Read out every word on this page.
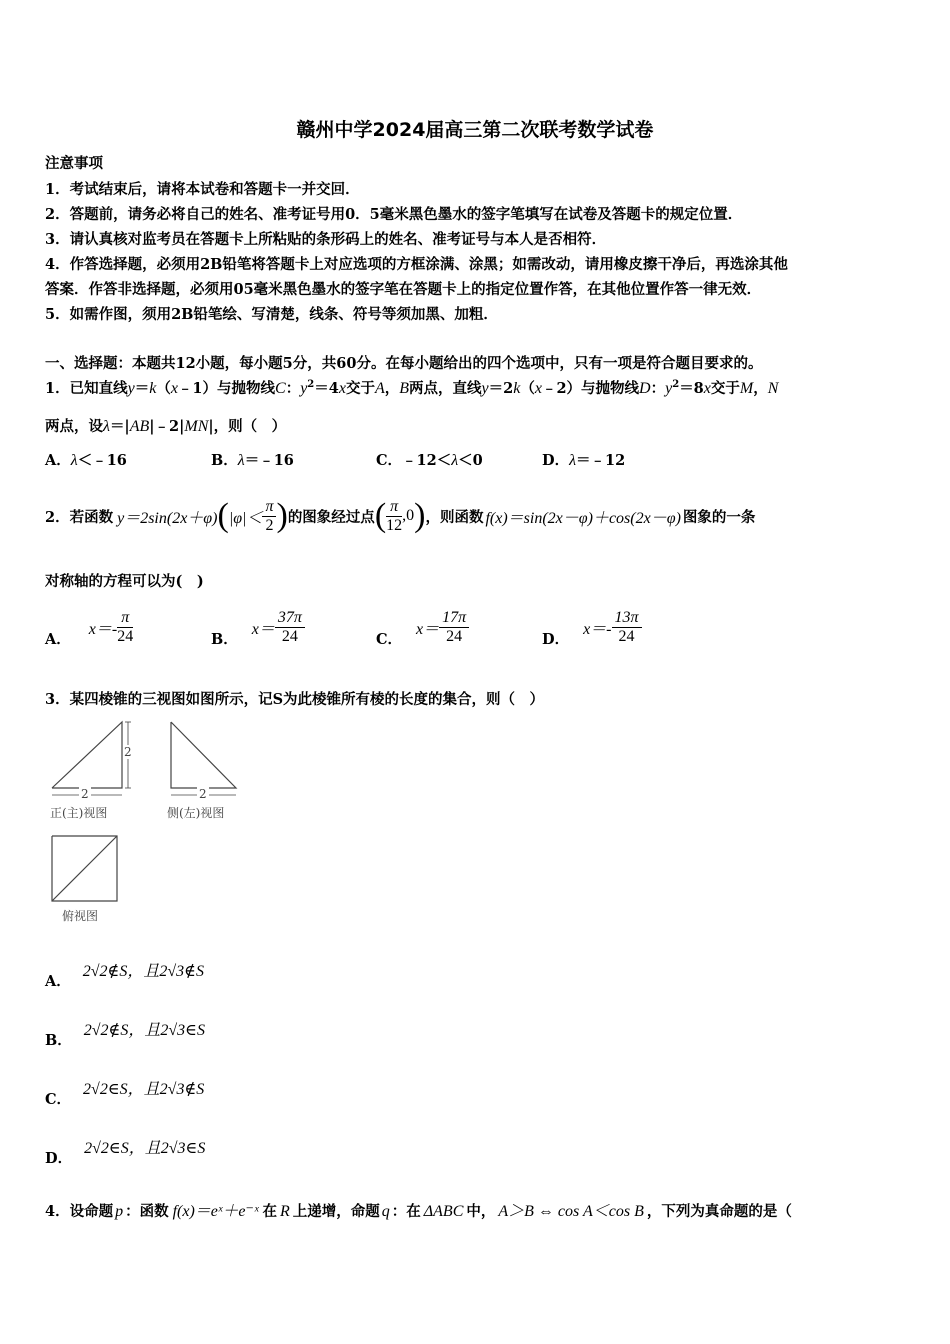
赣州中学2024届高三第二次联考数学试卷
注意事项
1．考试结束后，请将本试卷和答题卡一并交回．
2．答题前，请务必将自己的姓名、准考证号用0．5毫米黑色墨水的签字笔填写在试卷及答题卡的规定位置．
3．请认真核对监考员在答题卡上所粘贴的条形码上的姓名、准考证号与本人是否相符．
4．作答选择题，必须用2B铅笔将答题卡上对应选项的方框涂满、涂黑；如需改动，请用橡皮擦干净后，再选涂其他
答案．作答非选择题，必须用05毫米黑色墨水的签字笔在答题卡上的指定位置作答，在其他位置作答一律无效．
5．如需作图，须用2B铅笔绘、写清楚，线条、符号等须加黑、加粗．
一、选择题：本题共12小题，每小题5分，共60分。在每小题给出的四个选项中，只有一项是符合题目要求的。
1．已知直线y＝k（x﹣1）与抛物线C：$y^2=4x$交于A，B两点，直线y＝2k（x﹣2）与抛物线D：$y^2=8x$交于M，N
两点，设λ＝|AB|﹣2|MN|，则（　）
A．λ＜﹣16	B．λ＝﹣16	C．﹣12＜λ＜0	D．λ＝﹣12
2．若函数 y＝2sin(2x＋φ) ( $|\varphi|< \frac{\pi}{2}$ ) 的图象经过点 ( $\frac{\pi}{12} ,0$ ) ，则函数 f(x)＝sin(2x－φ)＋cos(2x－φ) 图象的一条
对称轴的方程可以为(　)
A．
$x=- \frac{\pi}{24}$	B．
$x= \frac{37\pi}{24}$	C．
$x= \frac{17\pi}{24}$	D．
$x=- \frac{13\pi}{24}$
3．某四棱锥的三视图如图所示，记S为此棱锥所有棱的长度的集合，则（　）
2
2	2
正(主)视图	侧(左)视图
俯视图
A．2√2∉S，且2√3∉S
B．2√2∉S，且2√3∈S
C．2√2∈S，且2√3∉S
D．2√2∈S，且2√3∈S
4．设命题 p ：函数 f(x)＝eˣ＋e⁻ˣ 在 R 上递增，命题 q ：在 ΔABC 中， A＞B ⇔ cos A＜cos B ，下列为真命题的是（
